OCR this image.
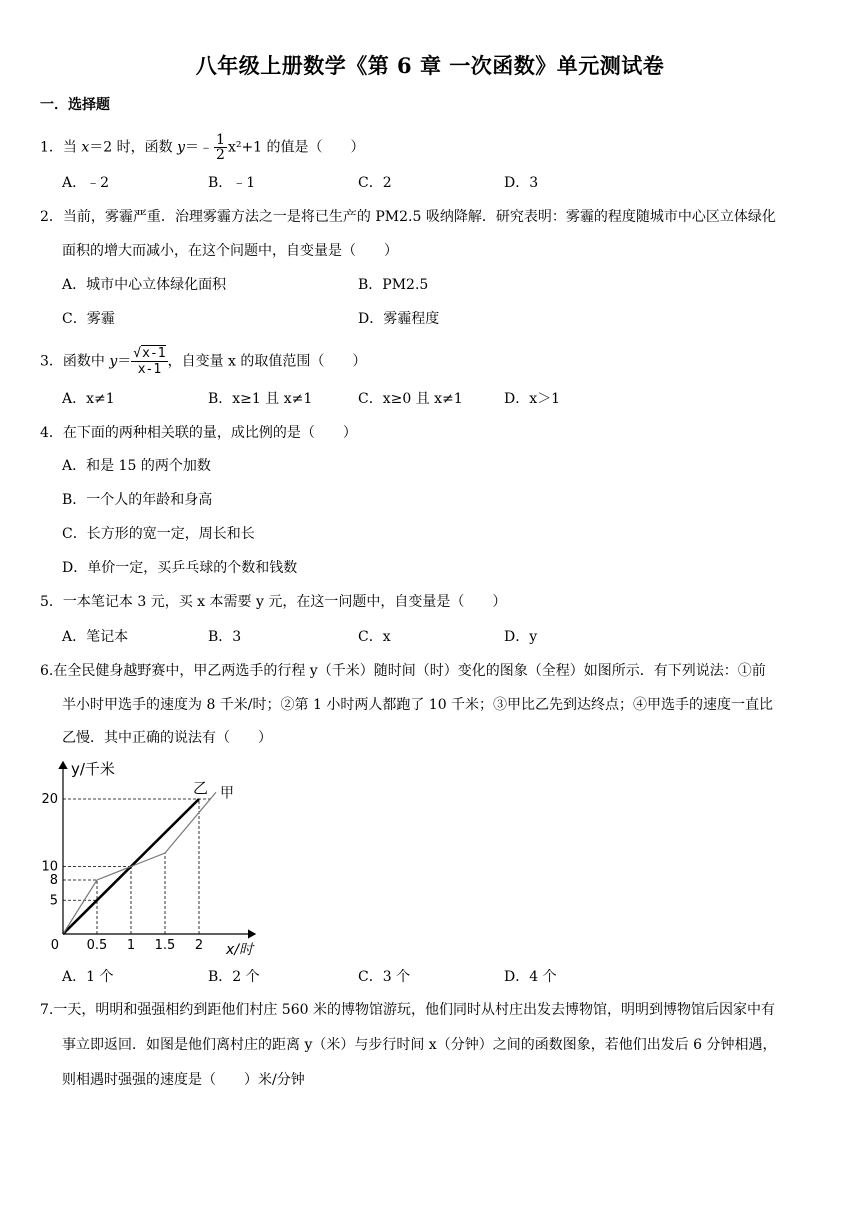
八年级上册数学《第 6 章 一次函数》单元测试卷
一．选择题
1．当 x＝2 时，函数 y＝﹣ $\frac{1}{2} x^2+1$ 的值是（　　）
A．﹣2	B．﹣1	C．2	D．3
2．当前，雾霾严重．治理雾霾方法之一是将已生产的 PM2.5 吸纳降解．研究表明：雾霾的程度随城市中心区立体绿化
面积的增大而减小，在这个问题中，自变量是（　　）
A．城市中心立体绿化面积	B．PM2.5
C．雾霾	D．雾霾程度
3．函数中 $y= \frac{√x-1}{x-1}$ ，自变量 x 的取值范围（　　）
A．x≠1	B．x≥1 且 x≠1	C．x≥0 且 x≠1	D．x＞1
4．在下面的两种相关联的量，成比例的是（　　）
A．和是 15 的两个加数
B．一个人的年龄和身高
C．长方形的宽一定，周长和长
D．单价一定，买乒乓球的个数和钱数
5．一本笔记本 3 元，买 x 本需要 y 元，在这一问题中，自变量是（　　）
A．笔记本	B．3	C．x	D．y
6.在全民健身越野赛中，甲乙两选手的行程 y（千米）随时间（时）变化的图象（全程）如图所示．有下列说法：①前
半小时甲选手的速度为 8 千米/时；②第 1 小时两人都跑了 10 千米；③甲比乙先到达终点；④甲选手的速度一直比
乙慢．其中正确的说法有（　　）
乙 甲
0.5 1 1.5 2
5
8
10
20
0	x/时
y/千米
A．1 个	B．2 个	C．3 个	D．4 个
7.一天，明明和强强相约到距他们村庄 560 米的博物馆游玩，他们同时从村庄出发去博物馆，明明到博物馆后因家中有
事立即返回．如图是他们离村庄的距离 y（米）与步行时间 x（分钟）之间的函数图象，若他们出发后 6 分钟相遇，
则相遇时强强的速度是（　　）米/分钟
